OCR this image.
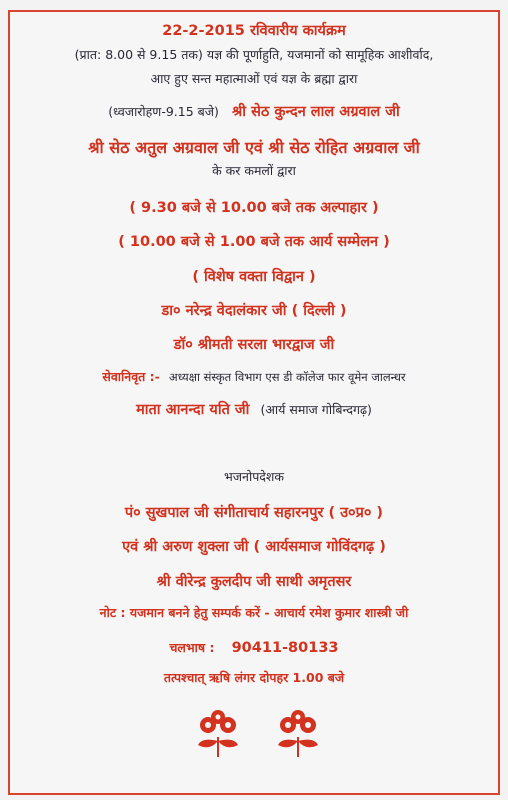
22-2-2015 रविवारीय कार्यक्रम
(प्रात: 8.00 से 9.15 तक) यज्ञ की पूर्णाहुति, यजमानों को सामूहिक आशीर्वाद,
आए हुए सन्त महात्माओं एवं यज्ञ के ब्रह्मा द्वारा
(ध्वजारोहण-9.15 बजे) श्री सेठ कुन्दन लाल अग्रवाल जी
श्री सेठ अतुल अग्रवाल जी एवं श्री सेठ रोहित अग्रवाल जी
के कर कमलों द्वारा
( 9.30 बजे से 10.00 बजे तक अल्पाहार )
( 10.00 बजे से 1.00 बजे तक आर्य सम्मेलन )
( विशेष वक्ता विद्वान )
डा० नरेन्द्र वेदालंकार जी ( दिल्ली )
डॉ० श्रीमती सरला भारद्वाज जी
सेवानिवृत :- अध्यक्षा संस्कृत विभाग एस डी कॉलेज फार वूमेन जालन्धर
माता आनन्दा यति जी (आर्य समाज गोबिन्दगढ़)
भजनोपदेशक
पं० सुखपाल जी संगीताचार्य सहारनपुर ( उ०प्र० )
एवं श्री अरुण शुक्ला जी ( आर्यसमाज गोविंदगढ़ )
श्री वीरेन्द्र कुलदीप जी साथी अमृतसर
नोट : यजमान बनने हेतु सम्पर्क करें - आचार्य रमेश कुमार शास्त्री जी
चलभाष : 90411-80133
तत्पश्चात् ऋषि लंगर दोपहर 1.00 बजे
